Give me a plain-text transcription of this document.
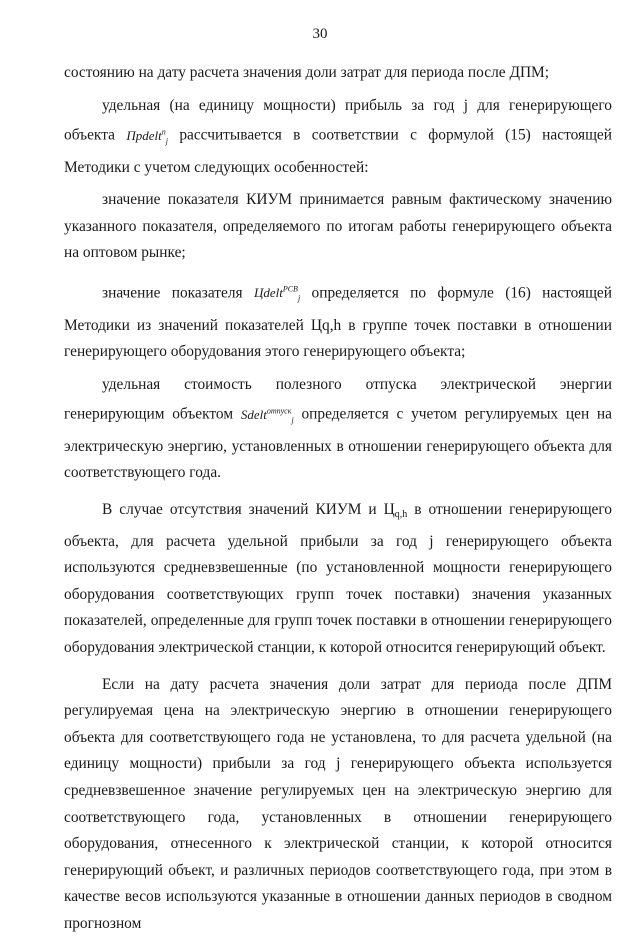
30

состоянию на дату расчета значения доли затрат для периода после ДПМ;

удельная (на единицу мощности) прибыль за год j для генерирующего объекта Пpdelt$^п_j$ рассчитывается в соответствии с формулой (15) настоящей Методики с учетом следующих особенностей:

значение показателя КИУМ принимается равным фактическому значению указанного показателя, определяемого по итогам работы генерирующего объекта на оптовом рынке;

значение показателя Цdelt$^{РСВ}_j$ определяется по формуле (16) настоящей Методики из значений показателей Цq,h в группе точек поставки в отношении генерирующего оборудования этого генерирующего объекта;

удельная стоимость полезного отпуска электрической энергии генерирующим объектом Sdelt$^{отпуск}_j$ определяется с учетом регулируемых цен на электрическую энергию, установленных в отношении генерирующего объекта для соответствующего года.

В случае отсутствия значений КИУМ и $Ц_{q,h}$ в отношении генерирующего объекта, для расчета удельной прибыли за год j генерирующего объекта используются средневзвешенные (по установленной мощности генерирующего оборудования соответствующих групп точек поставки) значения указанных показателей, определенные для групп точек поставки в отношении генерирующего оборудования электрической станции, к которой относится генерирующий объект.

Если на дату расчета значения доли затрат для периода после ДПМ регулируемая цена на электрическую энергию в отношении генерирующего объекта для соответствующего года не установлена, то для расчета удельной (на единицу мощности) прибыли за год j генерирующего объекта используется средневзвешенное значение регулируемых цен на электрическую энергию для соответствующего года, установленных в отношении генерирующего оборудования, отнесенного к электрической станции, к которой относится генерирующий объект, и различных периодов соответствующего года, при этом в качестве весов используются указанные в отношении данных периодов в сводном прогнозном
